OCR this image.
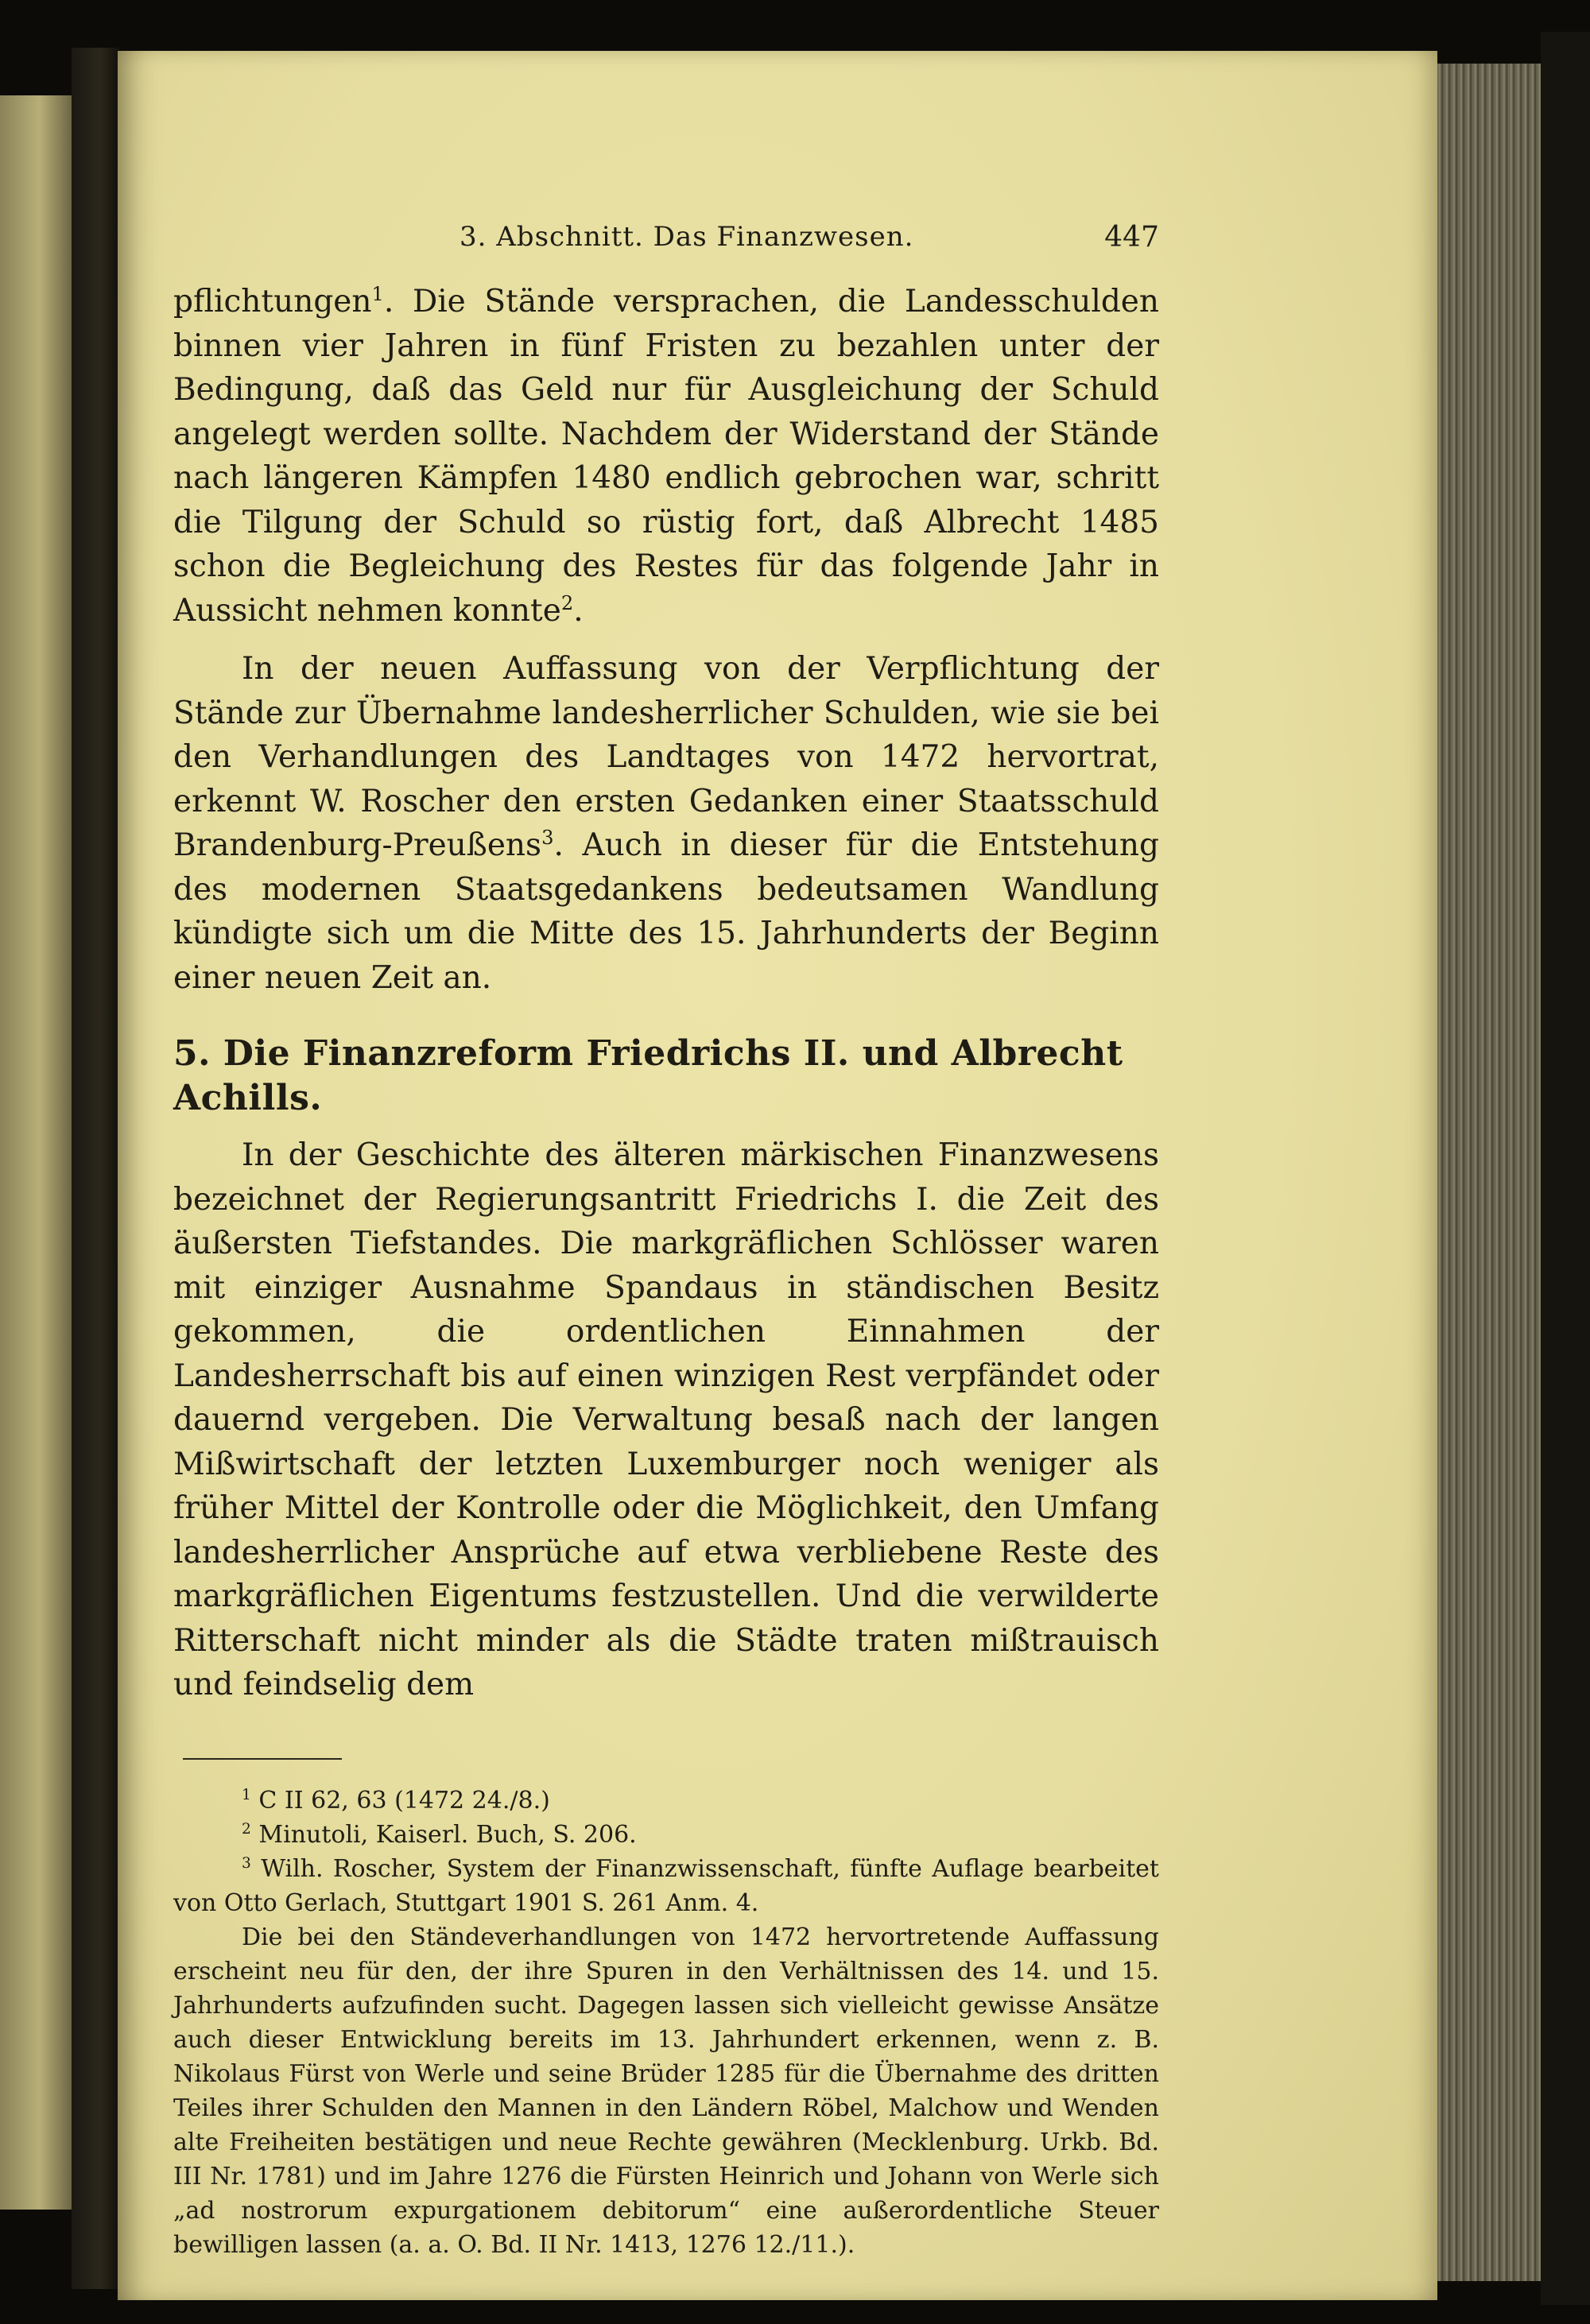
3. Abschnitt. Das Finanzwesen.	447

pflichtungen$^1$. Die Stände versprachen, die Landesschulden binnen vier Jahren in fünf Fristen zu bezahlen unter der Bedingung, daß das Geld nur für Ausgleichung der Schuld angelegt werden sollte. Nachdem der Widerstand der Stände nach längeren Kämpfen 1480 endlich gebrochen war, schritt die Tilgung der Schuld so rüstig fort, daß Albrecht 1485 schon die Begleichung des Restes für das folgende Jahr in Aussicht nehmen konnte$^2$.

In der neuen Auffassung von der Verpflichtung der Stände zur Übernahme landesherrlicher Schulden, wie sie bei den Verhandlungen des Landtages von 1472 hervortrat, erkennt W. Roscher den ersten Gedanken einer Staatsschuld Brandenburg-Preußens$^3$. Auch in dieser für die Entstehung des modernen Staatsgedankens bedeutsamen Wandlung kündigte sich um die Mitte des 15. Jahrhunderts der Beginn einer neuen Zeit an.

5. Die Finanzreform Friedrichs II. und Albrecht Achills.

In der Geschichte des älteren märkischen Finanzwesens bezeichnet der Regierungsantritt Friedrichs I. die Zeit des äußersten Tiefstandes. Die markgräflichen Schlösser waren mit einziger Ausnahme Spandaus in ständischen Besitz gekommen, die ordentlichen Einnahmen der Landesherrschaft bis auf einen winzigen Rest verpfändet oder dauernd vergeben. Die Verwaltung besaß nach der langen Mißwirtschaft der letzten Luxemburger noch weniger als früher Mittel der Kontrolle oder die Möglichkeit, den Umfang landesherrlicher Ansprüche auf etwa verbliebene Reste des markgräflichen Eigentums festzustellen. Und die verwilderte Ritterschaft nicht minder als die Städte traten mißtrauisch und feindselig dem

$^1$ C II 62, 63 (1472 24./8.)

$^2$ Minutoli, Kaiserl. Buch, S. 206.

$^3$ Wilh. Roscher, System der Finanzwissenschaft, fünfte Auflage bearbeitet von Otto Gerlach, Stuttgart 1901 S. 261 Anm. 4.

Die bei den Ständeverhandlungen von 1472 hervortretende Auffassung erscheint neu für den, der ihre Spuren in den Verhältnissen des 14. und 15. Jahrhunderts aufzufinden sucht. Dagegen lassen sich vielleicht gewisse Ansätze auch dieser Entwicklung bereits im 13. Jahrhundert erkennen, wenn z. B. Nikolaus Fürst von Werle und seine Brüder 1285 für die Übernahme des dritten Teiles ihrer Schulden den Mannen in den Ländern Röbel, Malchow und Wenden alte Freiheiten bestätigen und neue Rechte gewähren (Mecklenburg. Urkb. Bd. III Nr. 1781) und im Jahre 1276 die Fürsten Heinrich und Johann von Werle sich „ad nostrorum expurgationem debitorum“ eine außerordentliche Steuer bewilligen lassen (a. a. O. Bd. II Nr. 1413, 1276 12./11.).
